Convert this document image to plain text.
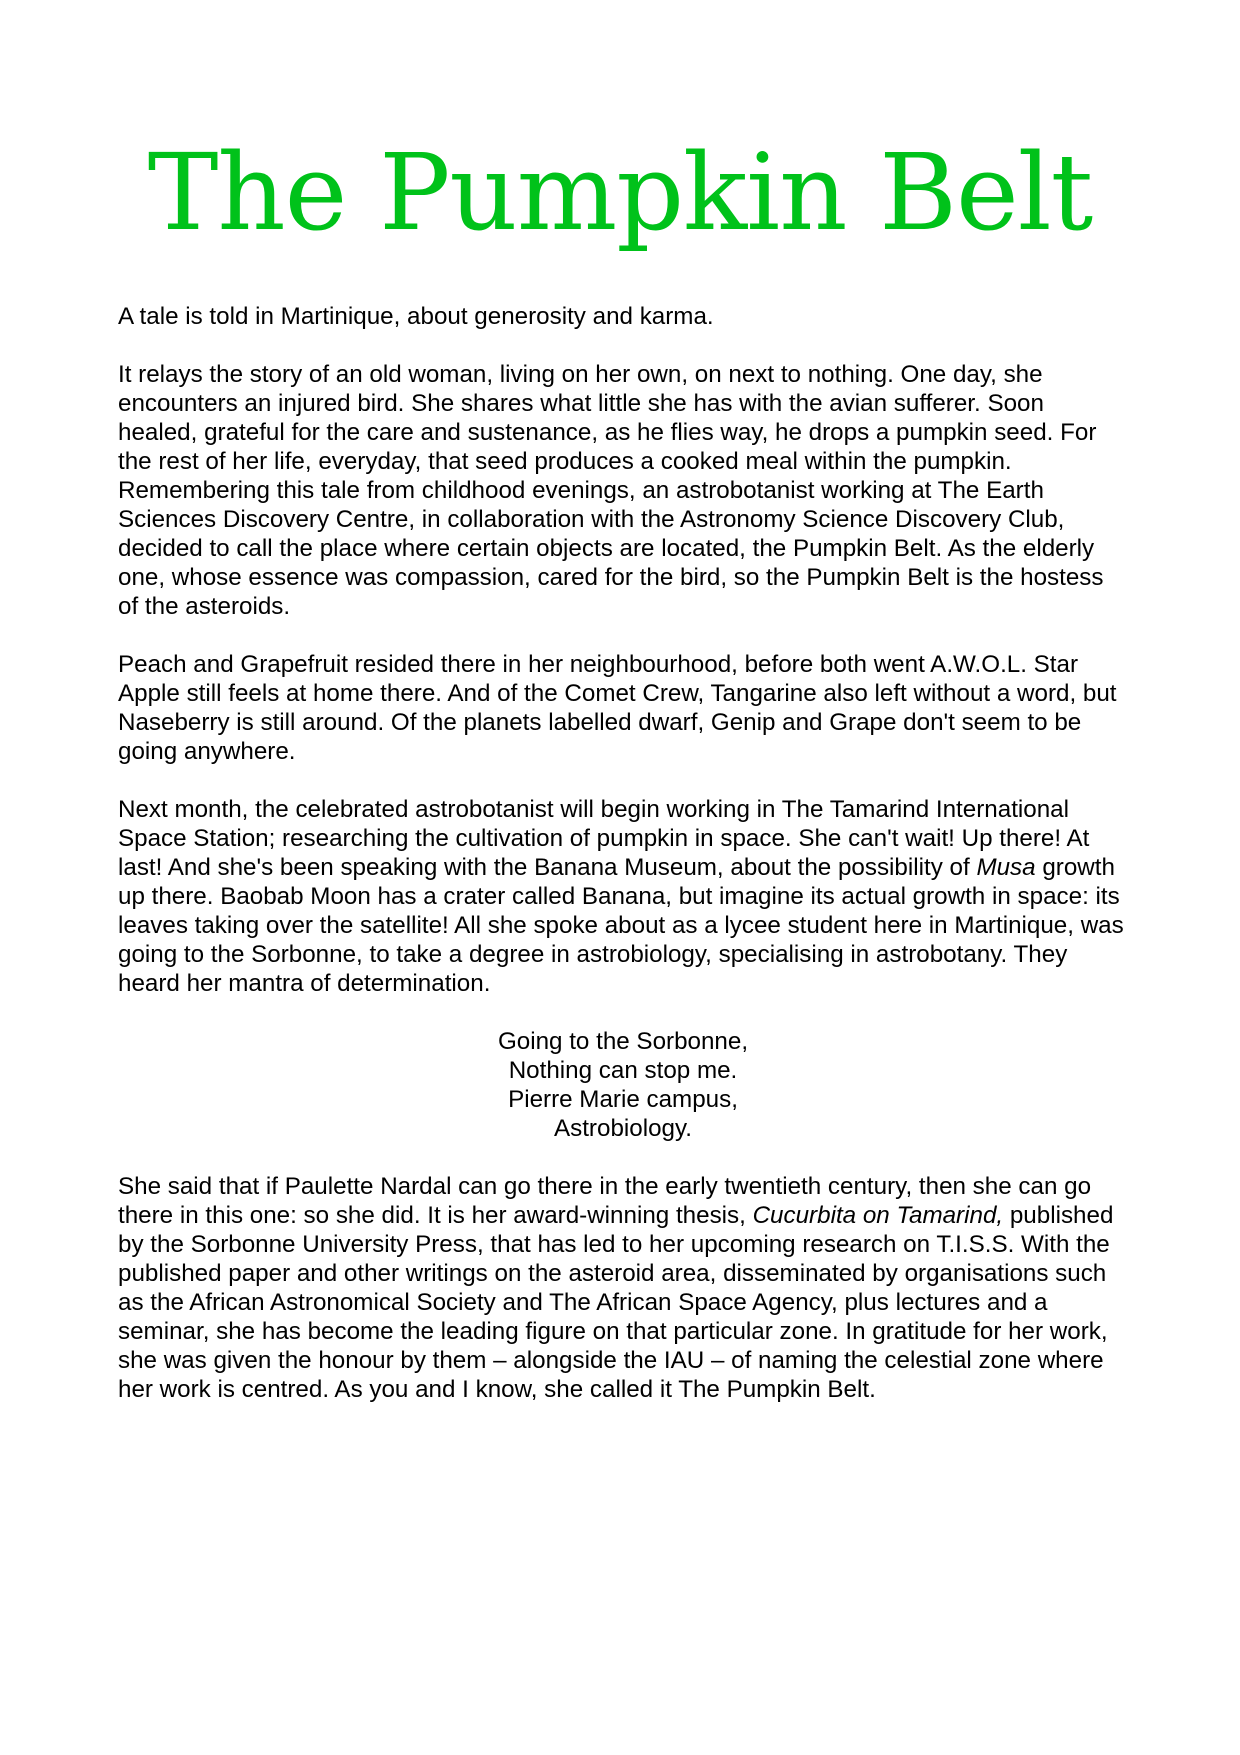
The Pumpkin Belt

A tale is told in Martinique, about generosity and karma.

It relays the story of an old woman, living on her own, on next to nothing. One day, she encounters an injured bird. She shares what little she has with the avian sufferer. Soon healed, grateful for the care and sustenance, as he flies way, he drops a pumpkin seed. For the rest of her life, everyday, that seed produces a cooked meal within the pumpkin. Remembering this tale from childhood evenings, an astrobotanist working at The Earth Sciences Discovery Centre, in collaboration with the Astronomy Science Discovery Club, decided to call the place where certain objects are located, the Pumpkin Belt. As the elderly one, whose essence was compassion, cared for the bird, so the Pumpkin Belt is the hostess of the asteroids.

Peach and Grapefruit resided there in her neighbourhood, before both went A.W.O.L. Star Apple still feels at home there. And of the Comet Crew, Tangarine also left without a word, but Naseberry is still around. Of the planets labelled dwarf, Genip and Grape don't seem to be going anywhere.

Next month, the celebrated astrobotanist will begin working in The Tamarind International Space Station; researching the cultivation of pumpkin in space. She can't wait! Up there! At last! And she's been speaking with the Banana Museum, about the possibility of Musa growth up there. Baobab Moon has a crater called Banana, but imagine its actual growth in space: its leaves taking over the satellite! All she spoke about as a lycee student here in Martinique, was going to the Sorbonne, to take a degree in astrobiology, specialising in astrobotany. They heard her mantra of determination.

Going to the Sorbonne,
Nothing can stop me.
Pierre Marie campus,
Astrobiology.

She said that if Paulette Nardal can go there in the early twentieth century, then she can go there in this one: so she did. It is her award-winning thesis, Cucurbita on Tamarind, published by the Sorbonne University Press, that has led to her upcoming research on T.I.S.S. With the published paper and other writings on the asteroid area, disseminated by organisations such as the African Astronomical Society and The African Space Agency, plus lectures and a seminar, she has become the leading figure on that particular zone. In gratitude for her work, she was given the honour by them – alongside the IAU – of naming the celestial zone where her work is centred. As you and I know, she called it The Pumpkin Belt.
